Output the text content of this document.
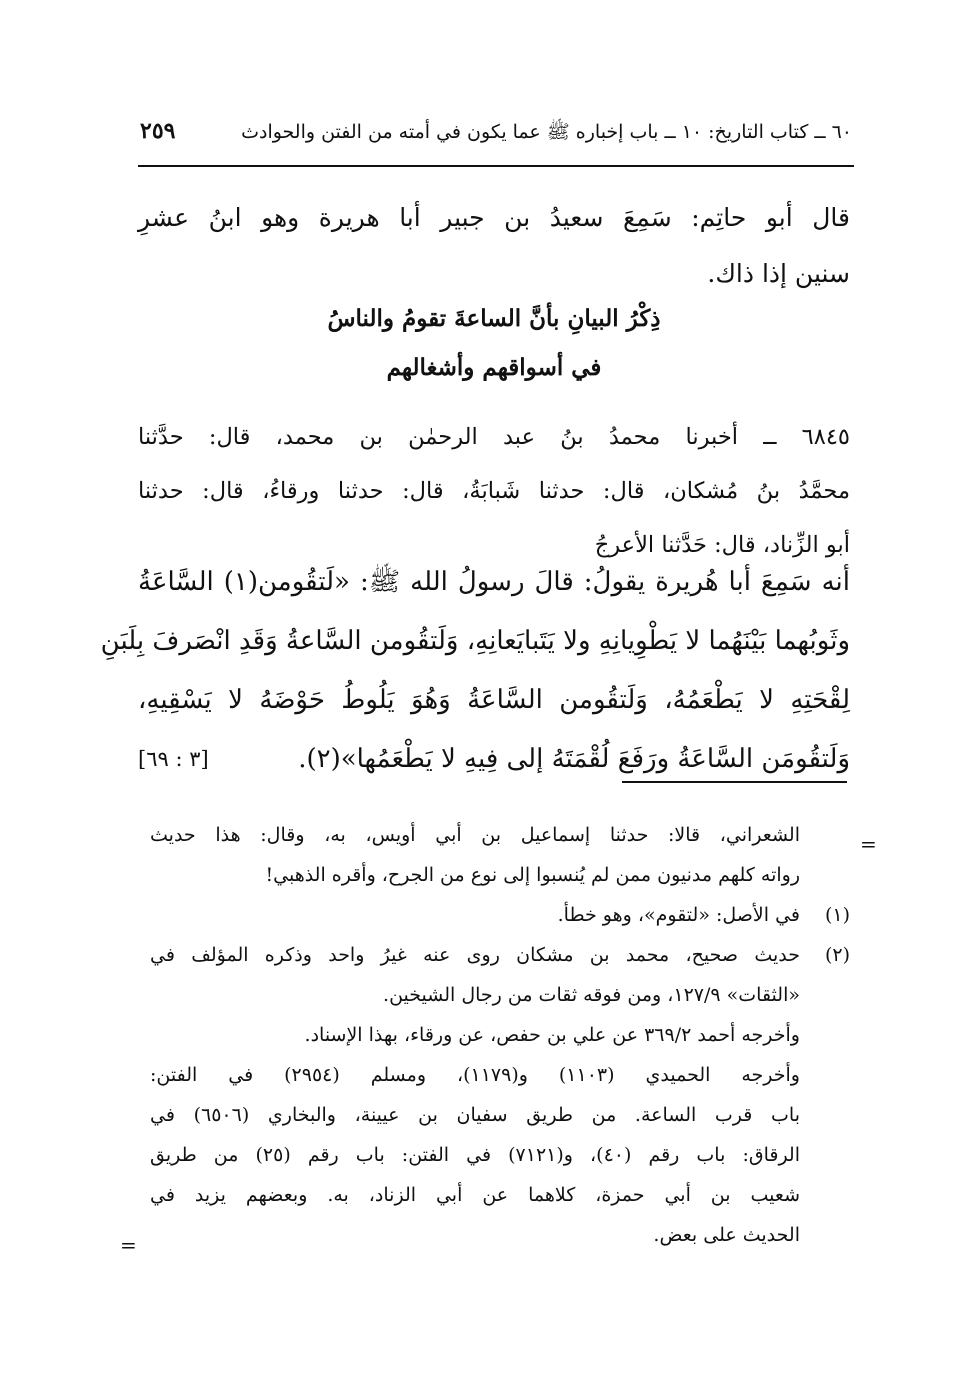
٦٠ ــ كتاب التاريخ: ١٠ ــ باب إخباره ﷺ عما يكون في أمته من الفتن والحوادث
٢٥٩
قال أبو حاتِم: سَمِعَ سعيدُ بن جبير أبا هريرة وهو ابنُ عشرِ
سنين إذا ذاك.
ذِكْرُ البيانِ بأنَّ الساعةَ تقومُ والناسُ
في أسواقهم وأشغالهم
٦٨٤٥ ــ أخبرنا محمدُ بنُ عبد الرحمٰن بن محمد، قال: حدَّثنا
محمَّدُ بنُ مُشكان، قال: حدثنا شَبابَةُ، قال: حدثنا ورقاءُ، قال: حدثنا
أبو الزِّناد، قال: حَدَّثنا الأعرجُ
أنه سَمِعَ أبا هُريرة يقولُ: قالَ رسولُ الله ﷺ: «لَتقُومن(١) السَّاعَةُ
وثَوبُهما بَيْنَهُما لا يَطْوِيانِهِ ولا يَتَبايَعانِهِ، وَلَتقُومن السَّاعةُ وَقَدِ انْصَرفَ بِلَبَنِ
لِقْحَتِهِ لا يَطْعَمُهُ، وَلَتقُومن السَّاعَةُ وَهُوَ يَلُوطُ حَوْضَهُ لا يَسْقِيهِ،
[٣ : ٦٩]	وَلَتقُومَن السَّاعَةُ ورَفَعَ لُقْمَتَهُ إلى فِيهِ لا يَطْعَمُها»(٢).
=
الشعراني، قالا: حدثنا إسماعيل بن أبي أويس، به، وقال: هذا حديث
رواته كلهم مدنيون ممن لم يُنسبوا إلى نوع من الجرح، وأقره الذهبي!
(١)
في الأصل: «لتقوم»، وهو خطأ.
(٢)
حديث صحيح، محمد بن مشكان روى عنه غيرُ واحد وذكره المؤلف في
«الثقات» ١٢٧/٩، ومن فوقه ثقات من رجال الشيخين.
وأخرجه أحمد ٣٦٩/٢ عن علي بن حفص، عن ورقاء، بهذا الإسناد.
وأخرجه الحميدي (١١٠٣) و(١١٧٩)، ومسلم (٢٩٥٤) في الفتن:
باب قرب الساعة. من طريق سفيان بن عيينة، والبخاري (٦٥٠٦) في
الرقاق: باب رقم (٤٠)، و(٧١٢١) في الفتن: باب رقم (٢٥) من طريق
شعيب بن أبي حمزة، كلاهما عن أبي الزناد، به. وبعضهم يزيد في
الحديث على بعض.
=
